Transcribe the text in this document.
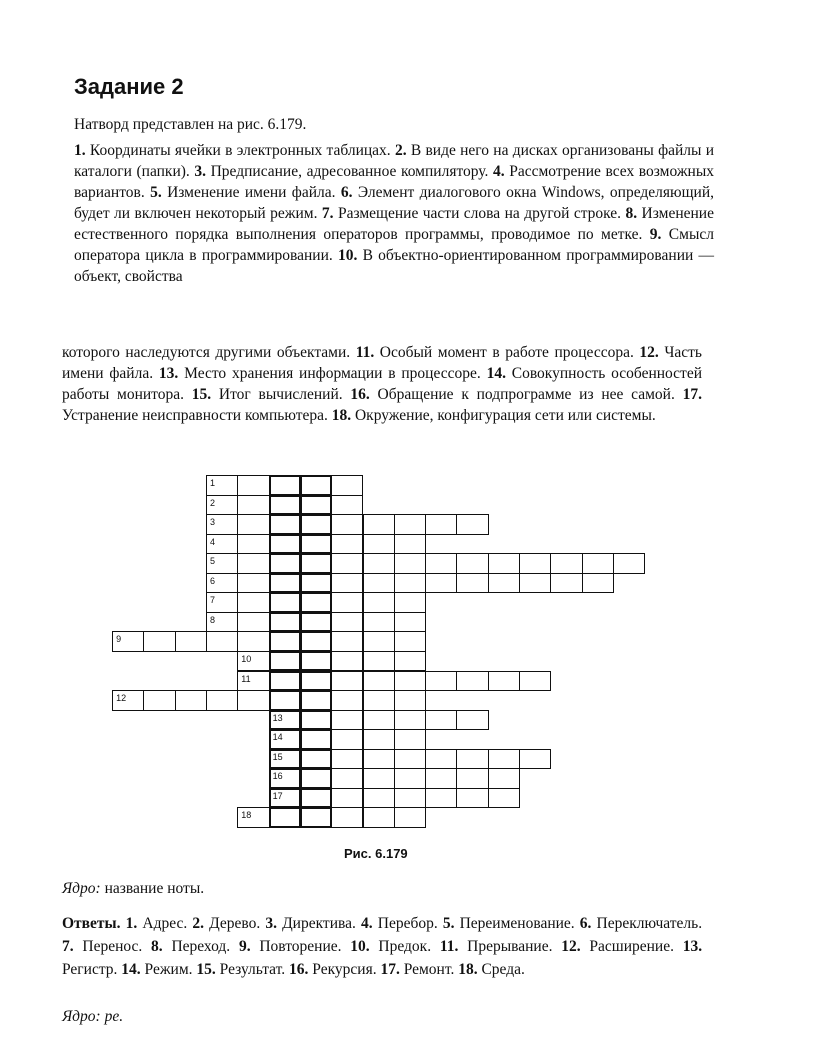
Задание 2
Натворд представлен на рис. 6.179.
1. Координаты ячейки в электронных таблицах. 2. В виде него на дисках организованы файлы и каталоги (папки). 3. Предписание, адресованное компилятору. 4. Рассмотрение всех возможных вариантов. 5. Изменение имени файла. 6. Элемент диалогового окна Windows, определяющий, будет ли включен некоторый режим. 7. Размещение части слова на другой строке. 8. Изменение естественного порядка выполнения операторов программы, проводимое по метке. 9. Смысл оператора цикла в программировании. 10. В объектно-ориентированном программировании — объект, свойства
которого наследуются другими объектами. 11. Особый момент в работе процессора. 12. Часть имени файла. 13. Место хранения информации в процессоре. 14. Совокупность особенностей работы монитора. 15. Итог вычислений. 16. Обращение к подпрограмме из нее самой. 17. Устранение неисправности компьютера. 18. Окружение, конфигурация сети или системы.
1
2
3
4
5
6
7
8
9
10
11
12
13
14
15
16
17
18
Рис. 6.179
Ядро: название ноты.
Ответы. 1. Адрес. 2. Дерево. 3. Директива. 4. Перебор. 5. Переименование. 6. Переключатель. 7. Перенос. 8. Переход. 9. Повторение. 10. Предок. 11. Прерывание. 12. Расширение. 13. Регистр. 14. Режим. 15. Результат. 16. Рекурсия. 17. Ремонт. 18. Среда.
Ядро: ре.
